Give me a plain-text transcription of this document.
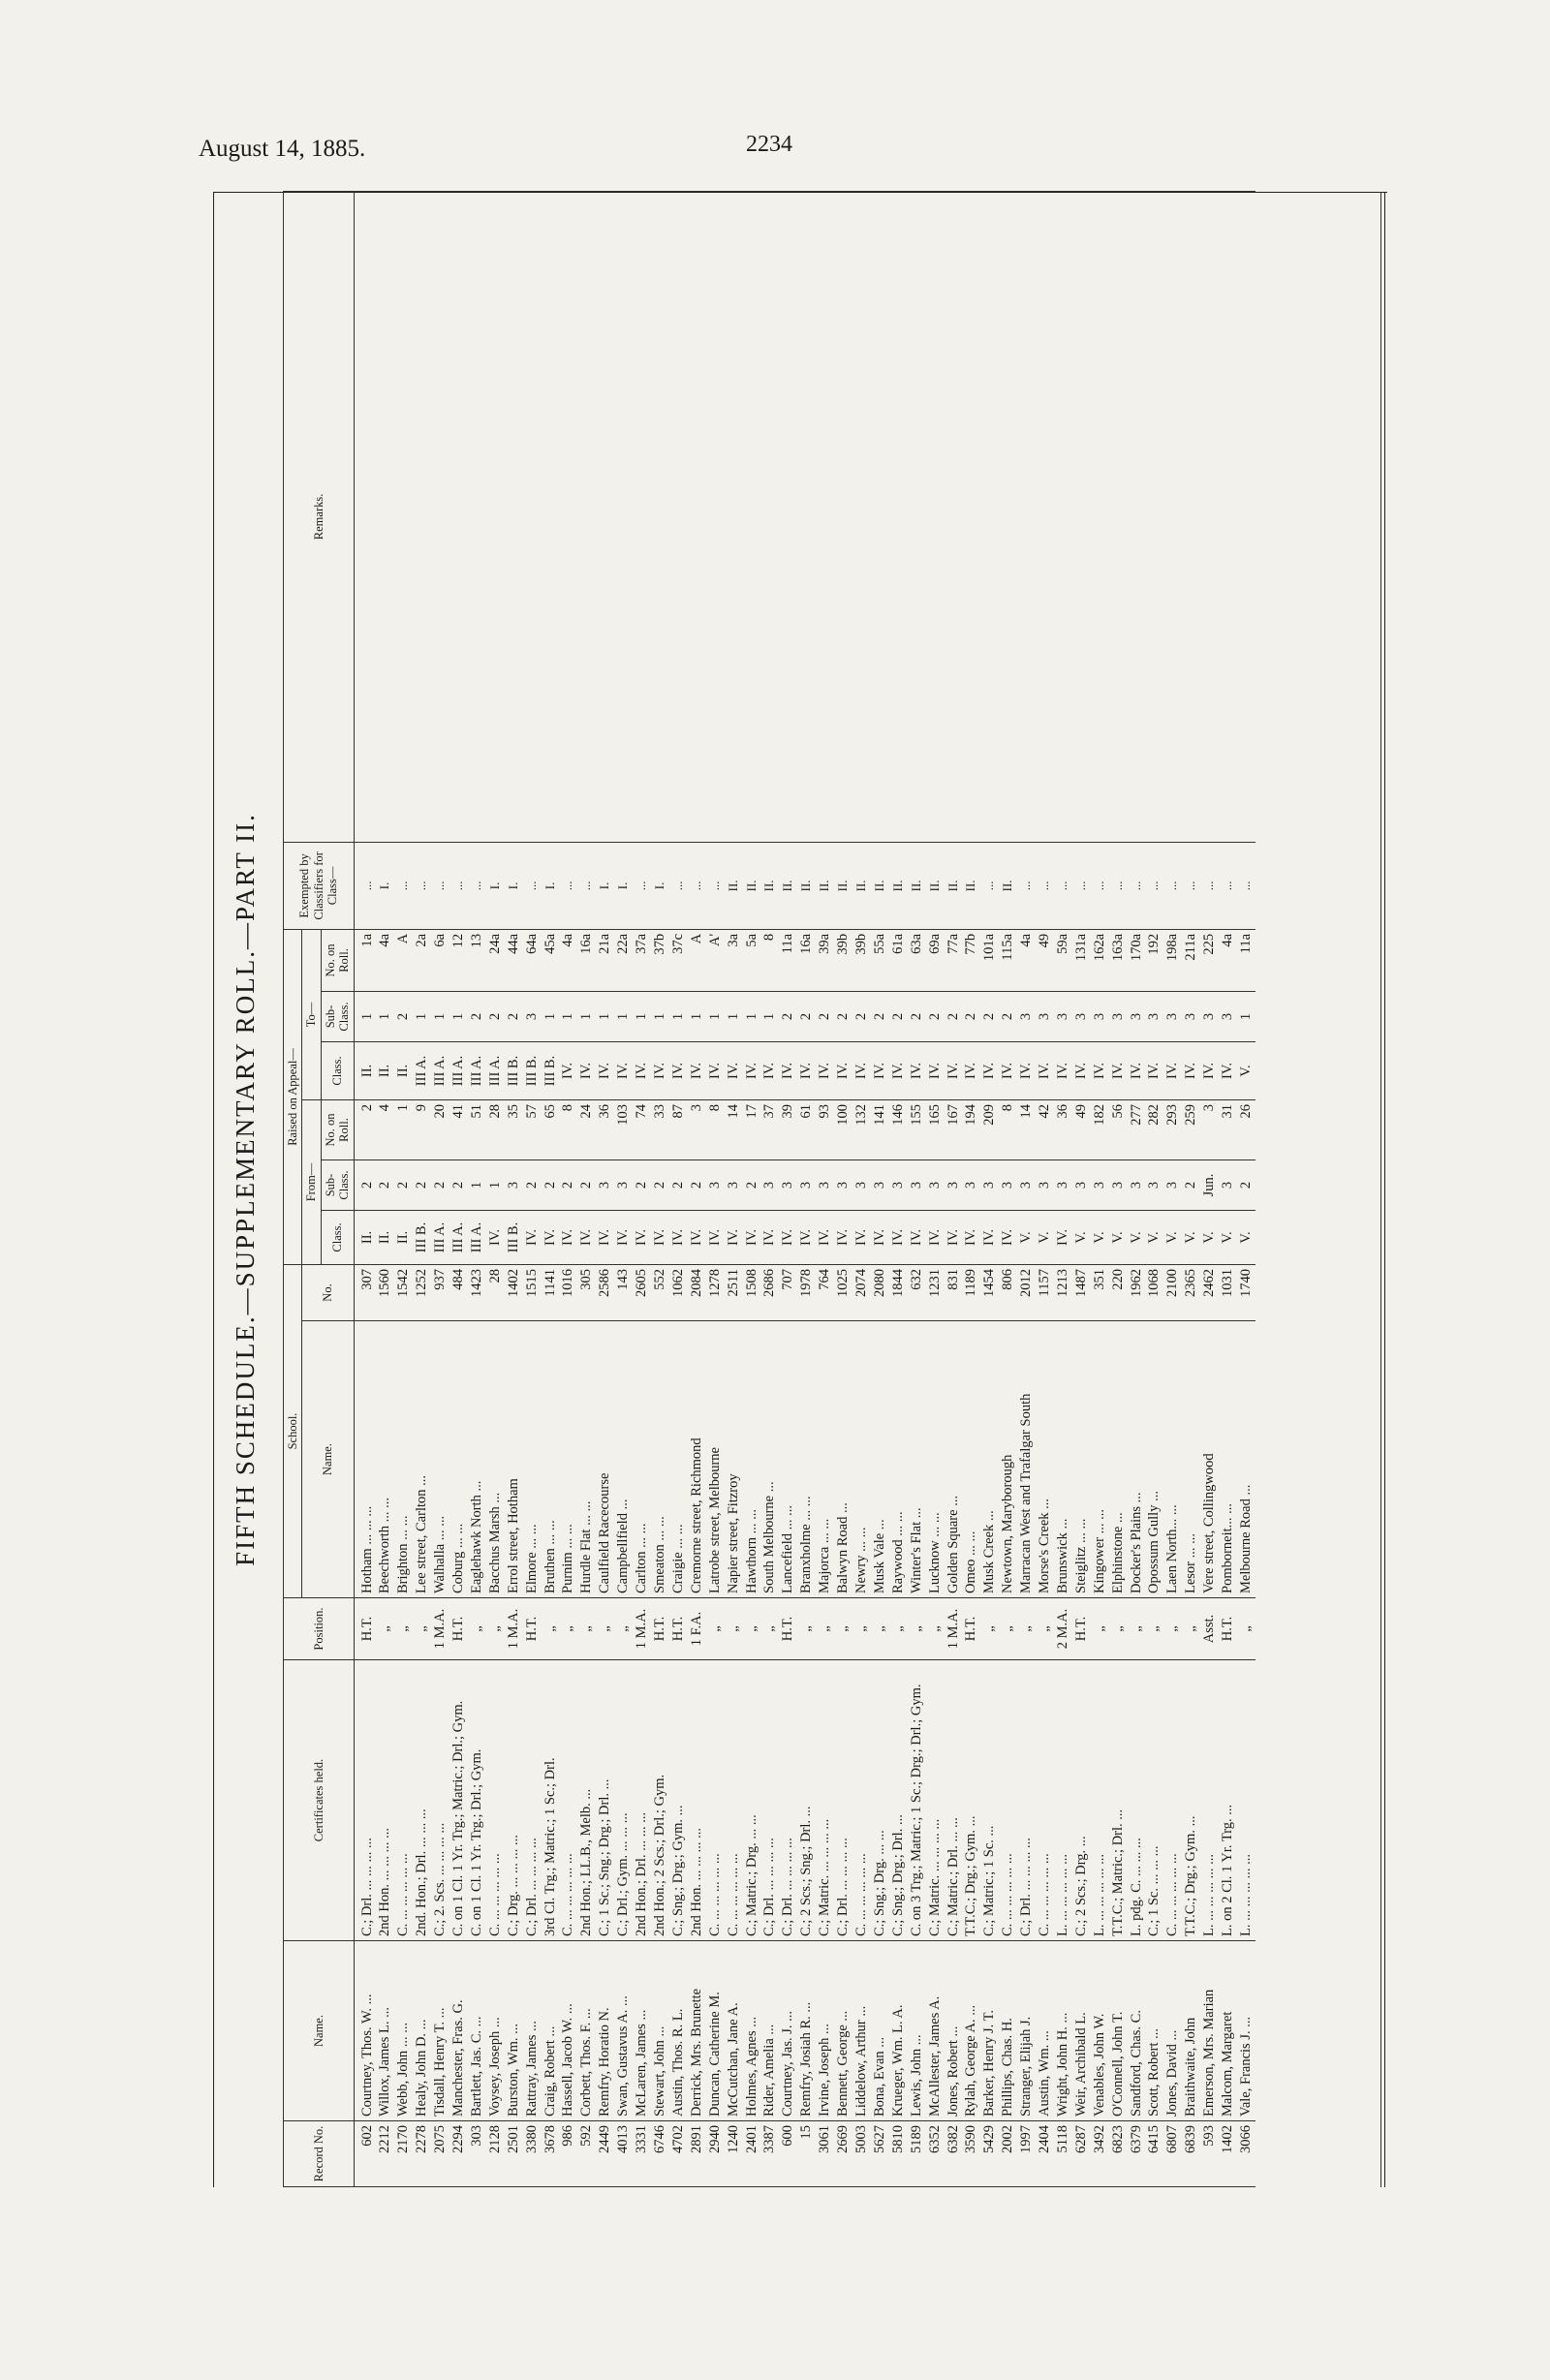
August 14, 1885.	2234
FIFTH SCHEDULE.—SUPPLEMENTARY ROLL.—PART II.
Record No.	Name.	Certificates held.	Position.	School.		Raised on Appeal—						Exempted by Classifiers for Class—	Remarks.
				Name.	No.	From—			To—				
						Class.	Sub-Class.	No. on Roll.	Class.	Sub-Class.	No. on Roll.		
602	Courtney, Thos. W. ...	C.; Drl. ... ... ... ...	H.T.	Hotham ... ... ...	307	II.	2	2	II.	1	1a	...	
2212	Willox, James L. ...	2nd Hon. ... ... ... ...	„	Beechworth ... ...	1560	II.	2	4	II.	1	4a	I.	
2170	Webb, John ... ...	C. ... ... ... ... ...	„	Brighton ... ...	1542	II.	2	1	II.	2	A	...	
2278	Healy, John D. ...	2nd. Hon.; Drl. ... ... ...	„	Lee street, Carlton ...	1252	III B.	2	9	III A.	1	2a	...	
2075	Tisdall, Henry T. ...	C.; 2. Scs. ... ... ... ...	1 M.A.	Walhalla ... ...	937	III A.	2	20	III A.	1	6a	...	
2294	Manchester, Fras. G.	C. on 1 Cl. 1 Yr. Trg.; Matric.; Drl.; Gym.	H.T.	Coburg ... ...	484	III A.	2	41	III A.	1	12	...	
303	Bartlett, Jas. C. ...	C. on 1 Cl. 1 Yr. Trg.; Drl.; Gym.	„	Eaglehawk North ...	1423	III A.	1	51	III A.	2	13	...	
2128	Voysey, Joseph ...	C. ... ... ... ... ...	„	Bacchus Marsh ...	28	IV.	1	28	III A.	2	24a	I.	
2501	Burston, Wm. ...	C.; Drg. ... ... ... ...	1 M.A.	Errol street, Hotham	1402	III B.	3	35	III B.	2	44a	I.	
3380	Rattray, James ...	C.; Drl. ... ... ... ...	H.T.	Elmore ... ...	1515	IV.	2	57	III B.	3	64a	...	
3678	Craig, Robert ...	3rd Cl. Trg.; Matric.; 1 Sc.; Drl.	„	Bruthen ... ...	1141	IV.	2	65	III B.	1	45a	I.	
986	Hassell, Jacob W. ...	C. ... ... ... ... ...	„	Purnim ... ...	1016	IV.	2	8	IV.	1	4a	...	
592	Corbett, Thos. F. ...	2nd Hon.; LL.B., Melb. ...	„	Hurdle Flat ... ...	305	IV.	2	24	IV.	1	16a	...	
2449	Remfry, Horatio N.	C.; 1 Sc.; Sng.; Drg.; Drl. ...	„	Caulfield Racecourse	2586	IV.	3	36	IV.	1	21a	I.	
4013	Swan, Gustavus A. ...	C.; Drl.; Gym. ... ... ...	„	Campbellfield ...	143	IV.	3	103	IV.	1	22a	I.	
3331	McLaren, James ...	2nd Hon.; Drl. ... ... ...	1 M.A.	Carlton ... ...	2605	IV.	2	74	IV.	1	37a	...	
6746	Stewart, John ...	2nd Hon.; 2 Scs.; Drl.; Gym.	H.T.	Smeaton ... ...	552	IV.	2	33	IV.	1	37b	I.	
4702	Austin, Thos. R. L.	C.; Sng.; Drg.; Gym. ...	H.T.	Craigie ... ...	1062	IV.	2	87	IV.	1	37c	...	
2891	Derrick, Mrs. Brunette	2nd Hon. ... ... ... ...	1 F.A.	Cremorne street, Richmond	2084	IV.	2	3	IV.	1	A	...	
2940	Duncan, Catherine M.	C. ... ... ... ... ...	„	Latrobe street, Melbourne	1278	IV.	3	8	IV.	1	A'	...	
1240	McCutchan, Jane A.	C. ... ... ... ... ...	„	Napier street, Fitzroy	2511	IV.	3	14	IV.	1	3a	II.	
2401	Holmes, Agnes ...	C.; Matric.; Drg. ... ...	„	Hawthorn ... ...	1508	IV.	2	17	IV.	1	5a	II.	
3387	Rider, Amelia ...	C.; Drl. ... ... ... ...	„	South Melbourne ...	2686	IV.	3	37	IV.	1	8	II.	
600	Courtney, Jas. J. ...	C.; Drl. ... ... ... ...	H.T.	Lancefield ... ...	707	IV.	3	39	IV.	2	11a	II.	
15	Remfry, Josiah R. ...	C.; 2 Scs.; Sng.; Drl. ...	„	Branxholme ... ...	1978	IV.	3	61	IV.	2	16a	II.	
3061	Irvine, Joseph ...	C.; Matric. ... ... ... ...	„	Majorca ... ...	764	IV.	3	93	IV.	2	39a	II.	
2669	Bennett, George ...	C.; Drl. ... ... ... ...	„	Balwyn Road ...	1025	IV.	3	100	IV.	2	39b	II.	
5003	Liddelow, Arthur ...	C. ... ... ... ... ...	„	Newry ... ...	2074	IV.	3	132	IV.	2	39b	II.	
5627	Bona, Evan ...	C.; Sng.; Drg. ... ...	„	Musk Vale ...	2080	IV.	3	141	IV.	2	55a	II.	
5810	Krueger, Wm. L. A.	C.; Sng.; Drg.; Drl. ...	„	Raywood ... ...	1844	IV.	3	146	IV.	2	61a	II.	
5189	Lewis, John ...	C. on 3 Trg.; Matric.; 1 Sc.; Drg.; Drl.; Gym.	„	Winter's Flat ...	632	IV.	3	155	IV.	2	63a	II.	
6352	McAllester, James A.	C.; Matric. ... ... ... ...	„	Lucknow ... ...	1231	IV.	3	165	IV.	2	69a	II.	
6382	Jones, Robert ...	C.; Matric.; Drl. ... ...	1 M.A.	Golden Square ...	831	IV.	3	167	IV.	2	77a	II.	
3590	Rylah, George A. ...	T.T.C.; Drg.; Gym. ...	H.T.	Omeo ... ...	1189	IV.	3	194	IV.	2	77b	II.	
5429	Barker, Henry J. T.	C.; Matric.; 1 Sc. ...	„	Musk Creek ...	1454	IV.	3	209	IV.	2	101a	...	
2002	Phillips, Chas. H.	C. ... ... ... ... ...	„	Newtown, Maryborough	806	IV.	3	8	IV.	2	115a	II.	
1997	Stranger, Elijah J.	C.; Drl. ... ... ... ...	„	Marracan West and Trafalgar South	2012	V.	3	14	IV.	3	4a	...	
2404	Austin, Wm. ...	C. ... ... ... ... ...	„	Morse's Creek ...	1157	V.	3	42	IV.	3	49	...	
5118	Wright, John H. ...	L. ... ... ... ... ...	2 M.A.	Brunswick ...	1213	IV.	3	36	IV.	3	59a	...	
6287	Weir, Archibald L.	C.; 2 Scs.; Drg. ...	H.T.	Steiglitz ... ...	1487	V.	3	49	IV.	3	131a	...	
3492	Venables, John W.	L. ... ... ... ... ...	„	Kingower ... ...	351	V.	3	182	IV.	3	162a	...	
6823	O'Connell, John T.	T.T.C.; Matric.; Drl. ...	„	Elphinstone ...	220	V.	3	56	IV.	3	163a	...	
6379	Sandford, Chas. C.	L. pdg. C. ... ... ...	„	Docker's Plains ...	1962	V.	3	277	IV.	3	170a	...	
6415	Scott, Robert ...	C.; 1 Sc. ... ... ...	„	Opossum Gully ...	1068	V.	3	282	IV.	3	192	...	
6807	Jones, David ...	C. ... ... ... ... ...	„	Laen North... ...	2100	V.	3	293	IV.	3	198a	...	
6839	Braithwaite, John	T.T.C.; Drg.; Gym. ...	„	Lesor ... ...	2365	V.	2	259	IV.	3	211a	...	
593	Emerson, Mrs. Marian	L. ... ... ... ... ...	Asst.	Vere street, Collingwood	2462	V.	Jun.	3	IV.	3	225	...	
1402	Malcom, Margaret	L. on 2 Cl. 1 Yr. Trg. ...	H.T.	Pomborneit... ...	1031	V.	3	31	IV.	3	4a	...	
3066	Vale, Francis J. ...	L. ... ... ... ... ...	„	Melbourne Road ...	1740	V.	2	26	V.	1	11a	...	
